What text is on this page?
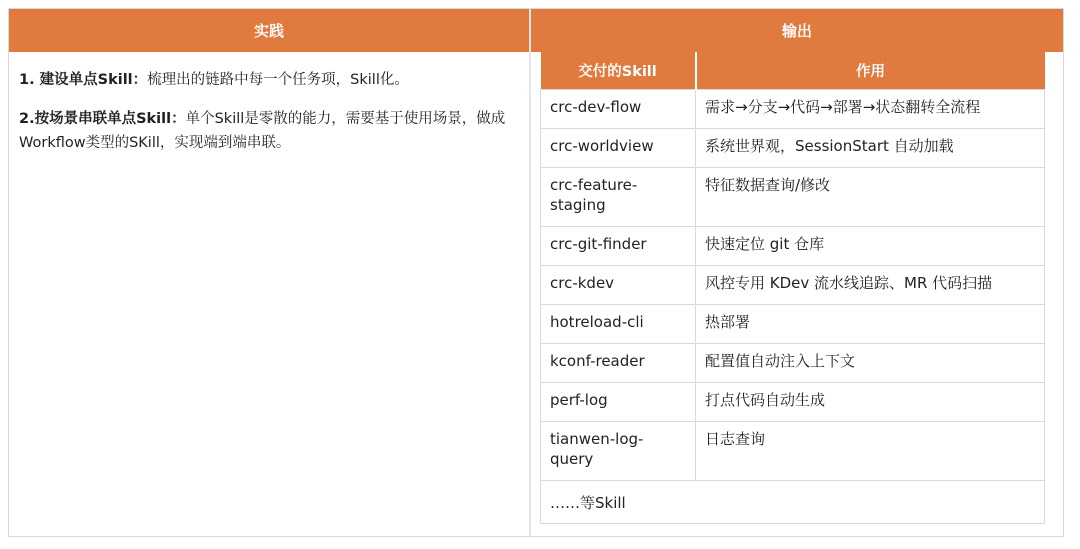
实践	输出

1. 建设单点Skill：梳理出的链路中每一个任务项，Skill化。

2.按场景串联单点Skill：单个Skill是零散的能力，需要基于使用场景，做成Workflow类型的SKill，实现端到端串联。

交付的Skill	作用
crc-dev-flow	需求→分支→代码→部署→状态翻转全流程
crc-worldview	系统世界观，SessionStart 自动加载
crc-feature-staging	特征数据查询/修改
crc-git-finder	快速定位 git 仓库
crc-kdev	风控专用 KDev 流水线追踪、MR 代码扫描
hotreload-cli	热部署
kconf-reader	配置值自动注入上下文
perf-log	打点代码自动生成
tianwen-log-query	日志查询
……等Skill	
